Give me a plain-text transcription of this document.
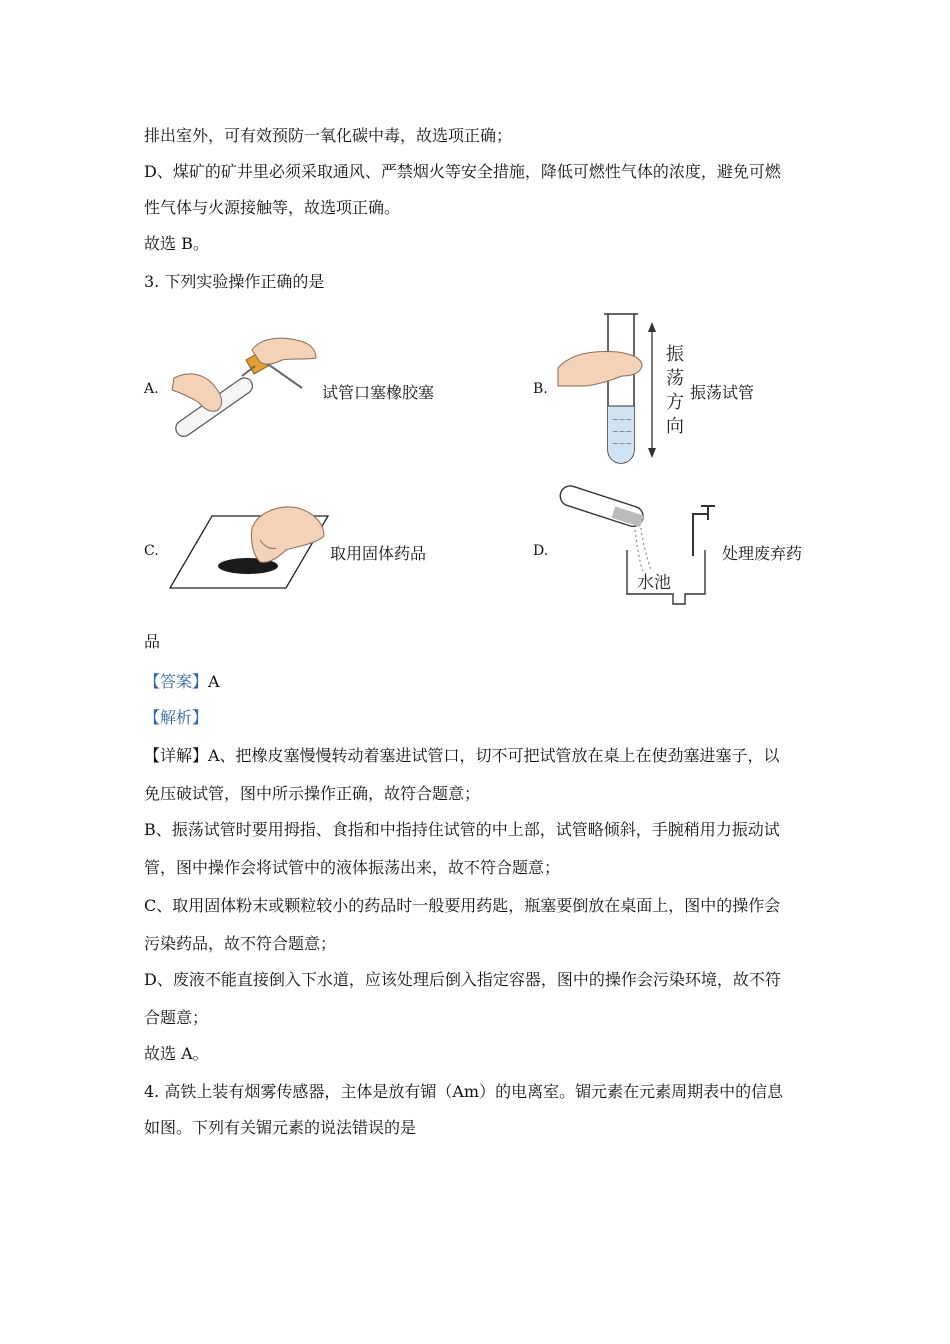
排出室外，可有效预防一氧化碳中毒，故选项正确；
D、煤矿的矿井里必须采取通风、严禁烟火等安全措施，降低可燃性气体的浓度，避免可燃
性气体与火源接触等，故选项正确。
故选 B。
3. 下列实验操作正确的是
A.	试管口塞橡胶塞	B.
~~~
~~~
~~~
振
荡
方
向
振荡试管
C.	取用固体药品	D.
水池
处理废弃药
品
【答案】A
【解析】
【详解】A、把橡皮塞慢慢转动着塞进试管口，切不可把试管放在桌上在使劲塞进塞子，以
免压破试管，图中所示操作正确，故符合题意；
B、振荡试管时要用拇指、食指和中指持住试管的中上部，试管略倾斜，手腕稍用力振动试
管，图中操作会将试管中的液体振荡出来，故不符合题意；
C、取用固体粉末或颗粒较小的药品时一般要用药匙，瓶塞要倒放在桌面上，图中的操作会
污染药品，故不符合题意；
D、废液不能直接倒入下水道，应该处理后倒入指定容器，图中的操作会污染环境，故不符
合题意；
故选 A。
4. 高铁上装有烟雾传感器，主体是放有镅（Am）的电离室。镅元素在元素周期表中的信息
如图。下列有关镅元素的说法错误的是
